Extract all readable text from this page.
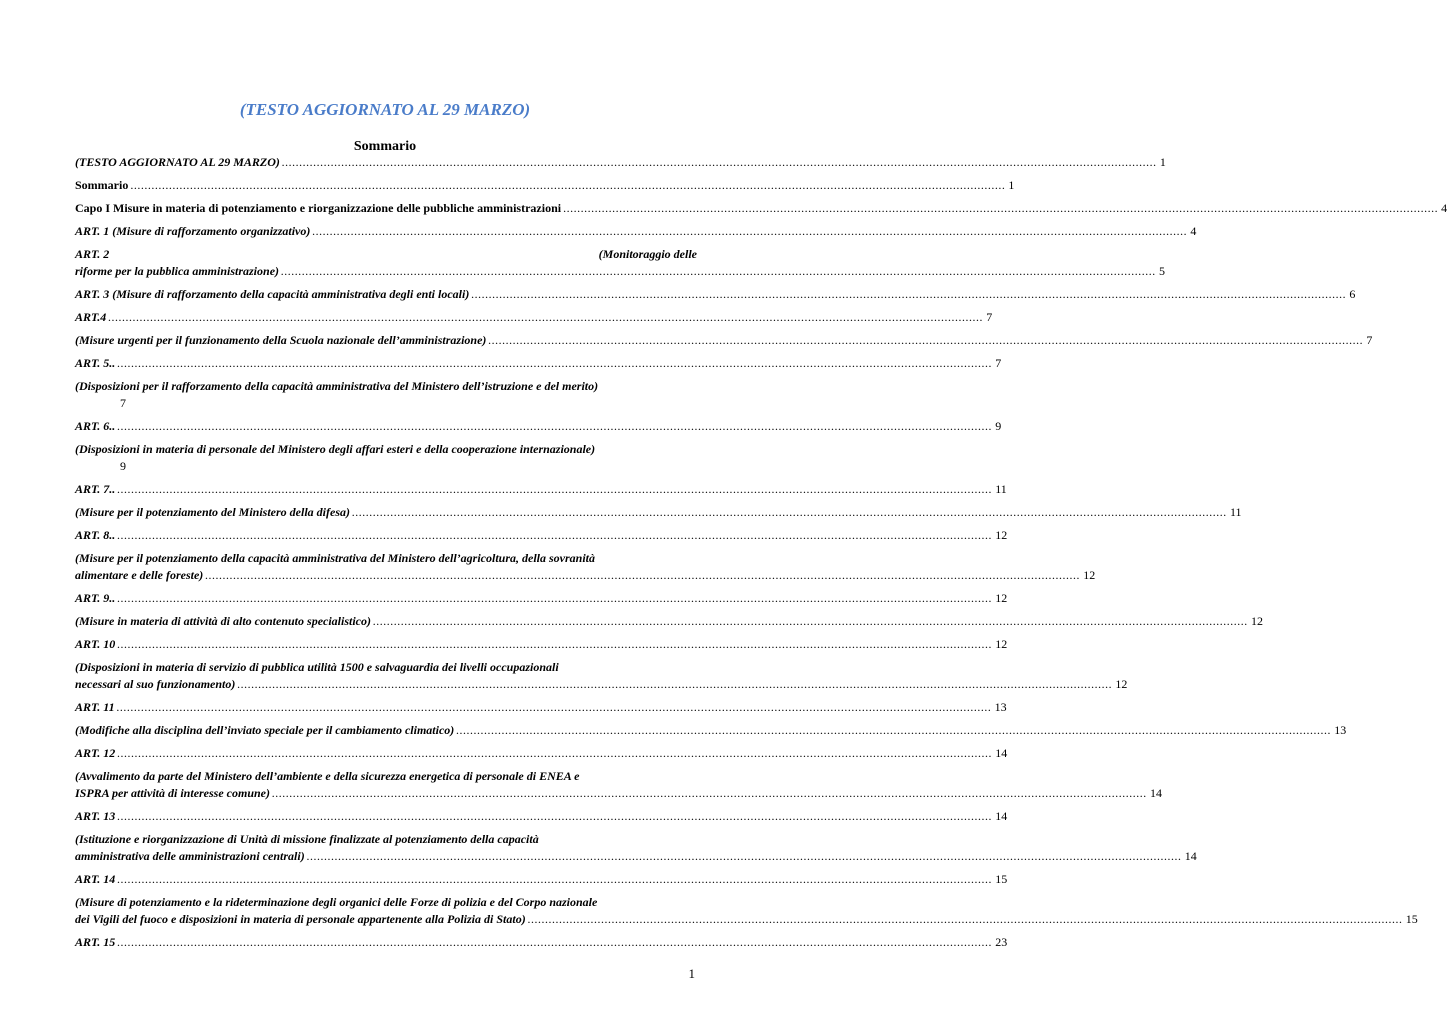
(TESTO AGGIORNATO AL 29 MARZO)
Sommario
(TESTO AGGIORNATO AL 29 MARZO) .......................................................................................................................................................................................................................................................... 1
Sommario .......................................................................................................................................................................................................................................................... 1
Capo I Misure in materia di potenziamento e riorganizzazione delle pubbliche amministrazioni .......................................................................................................................................................................................................................................................... 4
ART. 1 (Misure di rafforzamento organizzativo) .......................................................................................................................................................................................................................................................... 4
ART. 2	(Monitoraggio delle
riforme per la pubblica amministrazione) .......................................................................................................................................................................................................................................................... 5
ART. 3 (Misure di rafforzamento della capacità amministrativa degli enti locali) .......................................................................................................................................................................................................................................................... 6
ART.4 .......................................................................................................................................................................................................................................................... 7
(Misure urgenti per il funzionamento della Scuola nazionale dell’amministrazione) .......................................................................................................................................................................................................................................................... 7
ART. 5.. .......................................................................................................................................................................................................................................................... 7
(Disposizioni per il rafforzamento della capacità amministrativa del Ministero dell’istruzione e del merito)
7
ART. 6.. .......................................................................................................................................................................................................................................................... 9
(Disposizioni in materia di personale del Ministero degli affari esteri e della cooperazione internazionale)
9
ART. 7.. .......................................................................................................................................................................................................................................................... 11
(Misure per il potenziamento del Ministero della difesa) .......................................................................................................................................................................................................................................................... 11
ART. 8.. .......................................................................................................................................................................................................................................................... 12
(Misure per il potenziamento della capacità amministrativa del Ministero dell’agricoltura, della sovranità
alimentare e delle foreste) .......................................................................................................................................................................................................................................................... 12
ART. 9.. .......................................................................................................................................................................................................................................................... 12
(Misure in materia di attività di alto contenuto specialistico) .......................................................................................................................................................................................................................................................... 12
ART. 10 .......................................................................................................................................................................................................................................................... 12
(Disposizioni in materia di servizio di pubblica utilità 1500 e salvaguardia dei livelli occupazionali
necessari al suo funzionamento) .......................................................................................................................................................................................................................................................... 12
ART. 11 .......................................................................................................................................................................................................................................................... 13
(Modifiche alla disciplina dell’inviato speciale per il cambiamento climatico) .......................................................................................................................................................................................................................................................... 13
ART. 12 .......................................................................................................................................................................................................................................................... 14
(Avvalimento da parte del Ministero dell’ambiente e della sicurezza energetica di personale di ENEA e
ISPRA per attività di interesse comune) .......................................................................................................................................................................................................................................................... 14
ART. 13 .......................................................................................................................................................................................................................................................... 14
(Istituzione e riorganizzazione di Unità di missione finalizzate al potenziamento della capacità
amministrativa delle amministrazioni centrali) .......................................................................................................................................................................................................................................................... 14
ART. 14 .......................................................................................................................................................................................................................................................... 15
(Misure di potenziamento e la rideterminazione degli organici delle Forze di polizia e del Corpo nazionale
dei Vigili del fuoco e disposizioni in materia di personale appartenente alla Polizia di Stato) .......................................................................................................................................................................................................................................................... 15
ART. 15 .......................................................................................................................................................................................................................................................... 23
1
